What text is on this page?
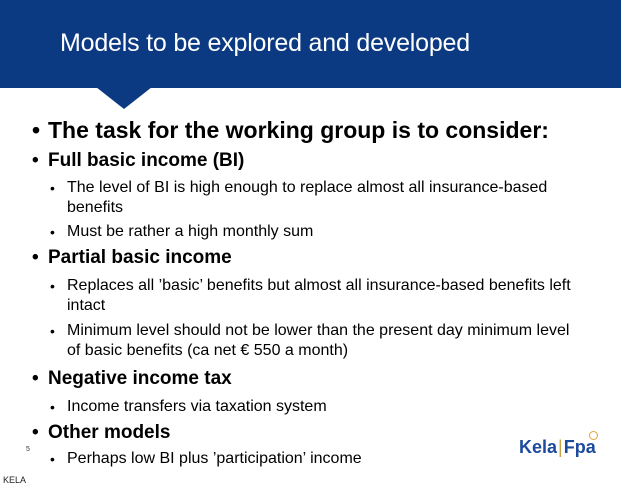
Models to be explored and developed
• The task for the working group is to consider:
• Full basic income (BI)
• The level of BI is high enough to replace almost all insurance-based
benefits
• Must be rather a high monthly sum
• Partial basic income
• Replaces all ’basic’ benefits but almost all insurance-based benefits left
intact
• Minimum level should not be lower than the present day minimum level
of basic benefits (ca net € 550 a month)
• Negative income tax
• Income transfers via taxation system
• Other models
• Perhaps low BI plus ’participation’ income
5
KELA
Kela|Fpa
